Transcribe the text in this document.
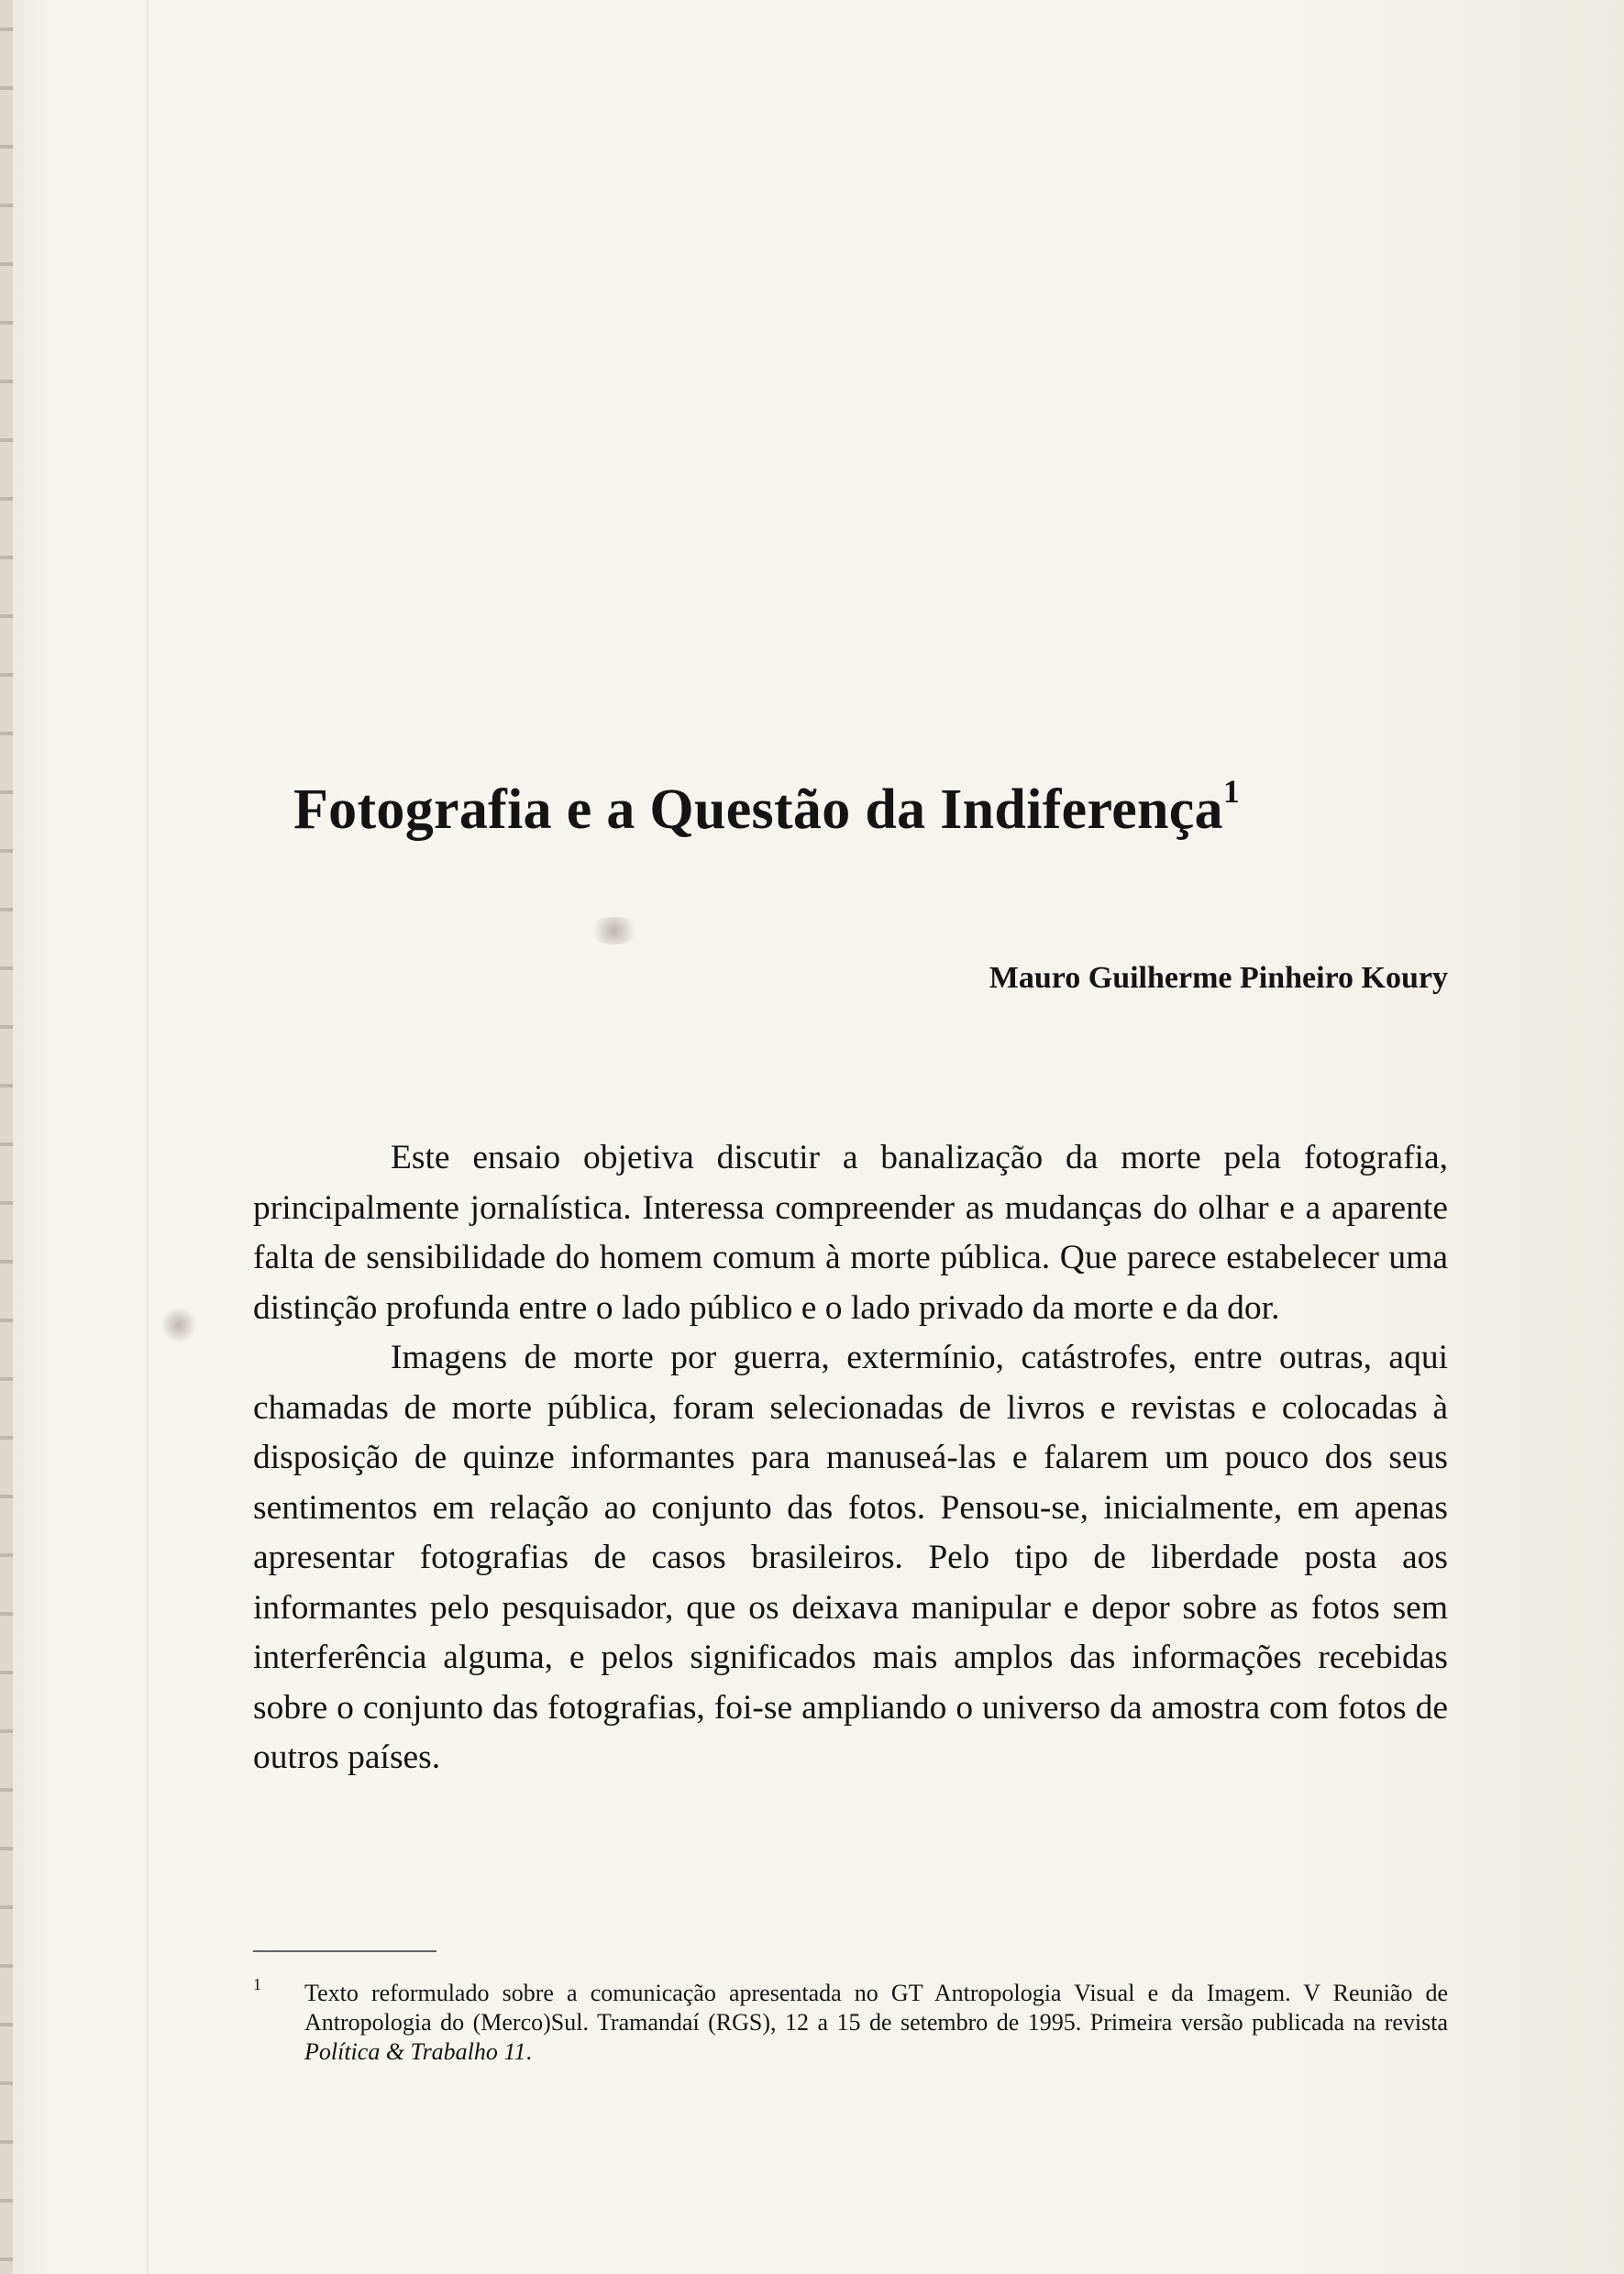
Fotografia e a Questão da Indiferença$^1$
Mauro Guilherme Pinheiro Koury

Este ensaio objetiva discutir a banalização da morte pela fotografia, principalmente jornalística. Interessa compreender as mudanças do olhar e a aparente falta de sensibilidade do homem comum à morte pública. Que parece estabelecer uma distinção profunda entre o lado público e o lado privado da morte e da dor.

Imagens de morte por guerra, extermínio, catástrofes, entre outras, aqui chamadas de morte pública, foram selecionadas de livros e revistas e colocadas à disposição de quinze informantes para manuseá-las e falarem um pouco dos seus sentimentos em relação ao conjunto das fotos. Pensou-se, inicialmente, em apenas apresentar fotografias de casos brasileiros. Pelo tipo de liberdade posta aos informantes pelo pesquisador, que os deixava manipular e depor sobre as fotos sem interferência alguma, e pelos significados mais amplos das informações recebidas sobre o conjunto das fotografias, foi-se ampliando o universo da amostra com fotos de outros países.

1 Texto reformulado sobre a comunicação apresentada no GT Antropologia Visual e da Imagem. V Reunião de Antropologia do (Merco)Sul. Tramandaí (RGS), 12 a 15 de setembro de 1995. Primeira versão publicada na revista Política & Trabalho 11.
